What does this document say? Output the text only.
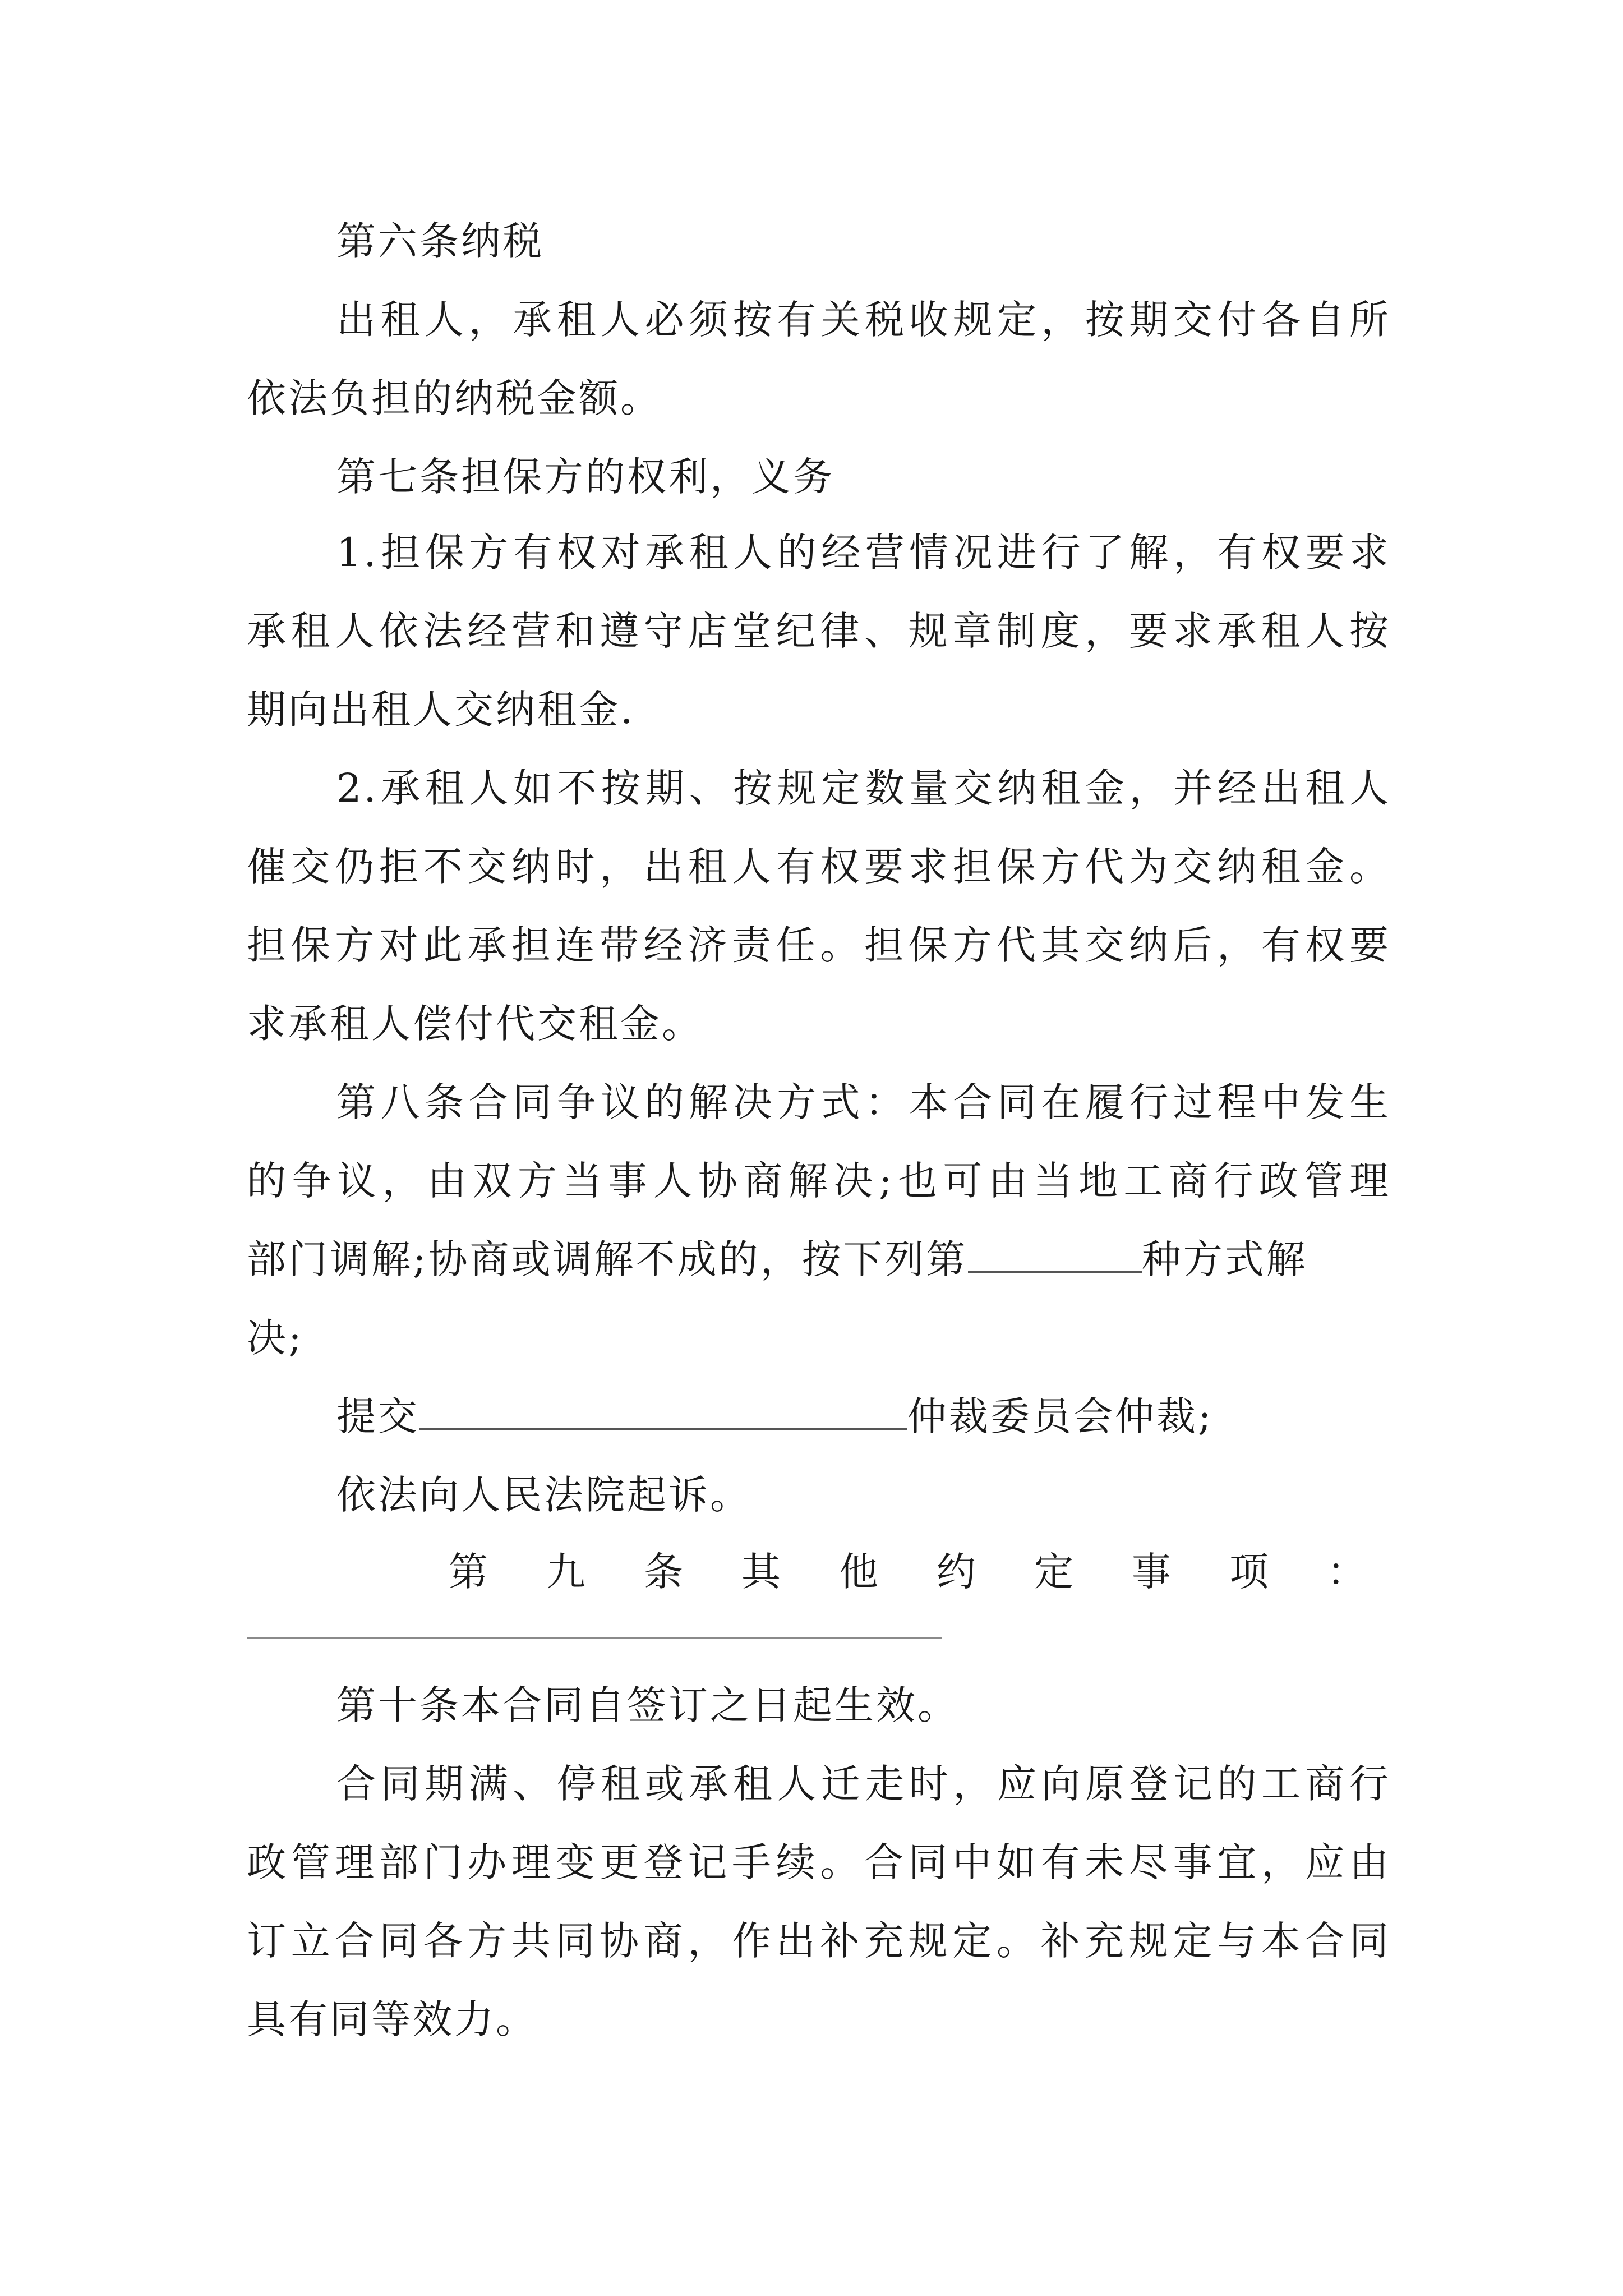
第六条纳税
出租人，承租人必须按有关税收规定，按期交付各自所
依法负担的纳税金额。
第七条担保方的权利，义务
1.担保方有权对承租人的经营情况进行了解，有权要求
承租人依法经营和遵守店堂纪律、规章制度，要求承租人按
期向出租人交纳租金.
2.承租人如不按期、按规定数量交纳租金，并经出租人
催交仍拒不交纳时，出租人有权要求担保方代为交纳租金。
担保方对此承担连带经济责任。担保方代其交纳后，有权要
求承租人偿付代交租金。
第八条合同争议的解决方式：本合同在履行过程中发生
的争议，由双方当事人协商解决;也可由当地工商行政管理
部门调解;协商或调解不成的，按下列第	种方式解
决;
提交	仲裁委员会仲裁;
依法向人民法院起诉。
第九条其他约定事项：
第十条本合同自签订之日起生效。
合同期满、停租或承租人迁走时，应向原登记的工商行
政管理部门办理变更登记手续。合同中如有未尽事宜，应由
订立合同各方共同协商，作出补充规定。补充规定与本合同
具有同等效力。
